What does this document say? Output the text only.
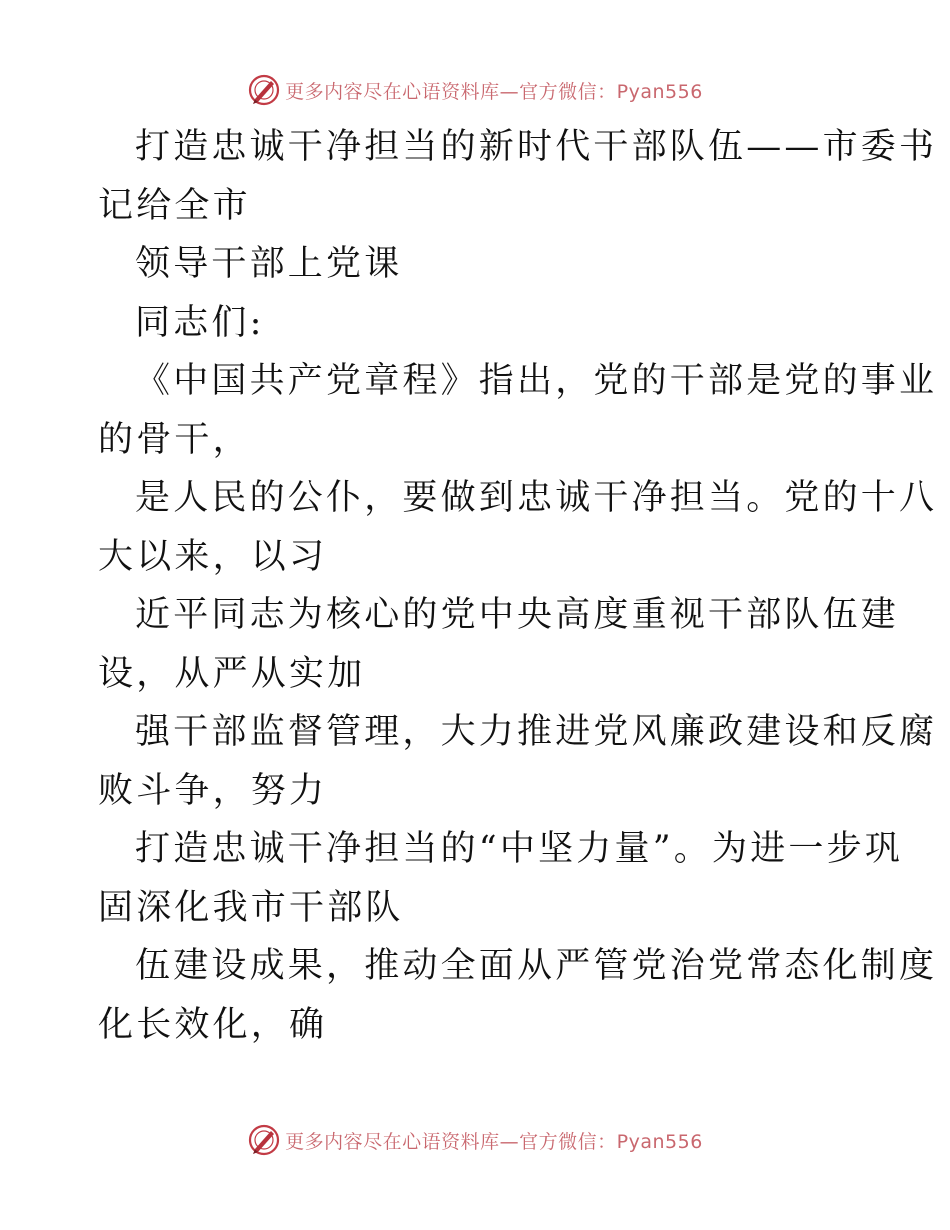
更多内容尽在心语资料库—官方微信：Pyan556
打造忠诚干净担当的新时代干部队伍——市委书
记给全市
领导干部上党课
同志们:
《中国共产党章程》指出，党的干部是党的事业
的骨干，
是人民的公仆，要做到忠诚干净担当。党的十八
大以来，以习
近平同志为核心的党中央高度重视干部队伍建
设，从严从实加
强干部监督管理，大力推进党风廉政建设和反腐
败斗争，努力
打造忠诚干净担当的“中坚力量”。为进一步巩
固深化我市干部队
伍建设成果，推动全面从严管党治党常态化制度
化长效化，确
更多内容尽在心语资料库—官方微信：Pyan556
